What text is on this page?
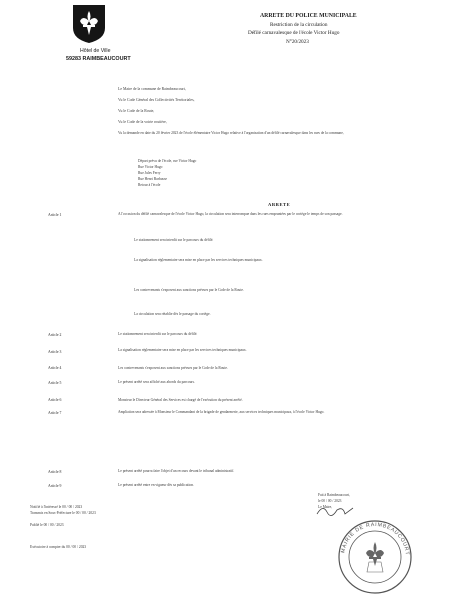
Hôtel de Ville
59283 RAIMBEAUCOURT
ARRETE DU POLICE MUNICIPALE
Restriction de la circulation
Défilé carnavalesque de l'école Victor Hugo
N°20/2023
Le Maire de la commune de Raimbeaucourt,
Vu le Code Général des Collectivités Territoriales,
Vu le Code de la Route,
Vu le Code de la voirie routière,
Vu la demande en date du 20 février 2023 de l'école élémentaire Victor Hugo relative à l'organisation d'un défilé carnavalesque dans les rues de la commune,
Départ prévu de l'école, rue Victor Hugo
Rue Victor Hugo
Rue Jules Ferry
Rue Henri Barbusse
Retour à l'école
ARRETE
Article 1	A l'occasion du défilé carnavalesque de l'école Victor Hugo, la circulation sera interrompue dans les rues empruntées par le cortège le temps de son passage.
Le stationnement sera interdit sur le parcours du défilé.
La signalisation réglementaire sera mise en place par les services techniques municipaux.
Les contrevenants s'exposent aux sanctions prévues par le Code de la Route.
La circulation sera rétablie dès le passage du cortège.
Article 2	Le stationnement sera interdit sur le parcours du défilé.
Article 3	La signalisation réglementaire sera mise en place par les services techniques municipaux.
Article 4	Les contrevenants s'exposent aux sanctions prévues par le Code de la Route.
Article 5	Le présent arrêté sera affiché aux abords du parcours.
Article 6	Monsieur le Directeur Général des Services est chargé de l'exécution du présent arrêté.
Article 7	Ampliation sera adressée à Monsieur le Commandant de la brigade de gendarmerie, aux services techniques municipaux, à l'école Victor Hugo.
Article 8	Le présent arrêté pourra faire l'objet d'un recours devant le tribunal administratif.
Article 9	Le présent arrêté entre en vigueur dès sa publication.
Notifié à l'intéressé le 00 / 00 / 2023
Transmis en Sous-Préfecture le 00 / 00 / 2023
Publié le 00 / 00 / 2023
Exécutoire à compter du 00 / 00 / 2023
Fait à Raimbeaucourt,
le 00 / 00 / 2023
Le Maire,
MAIRIE DE RAIMBEAUCOURT
